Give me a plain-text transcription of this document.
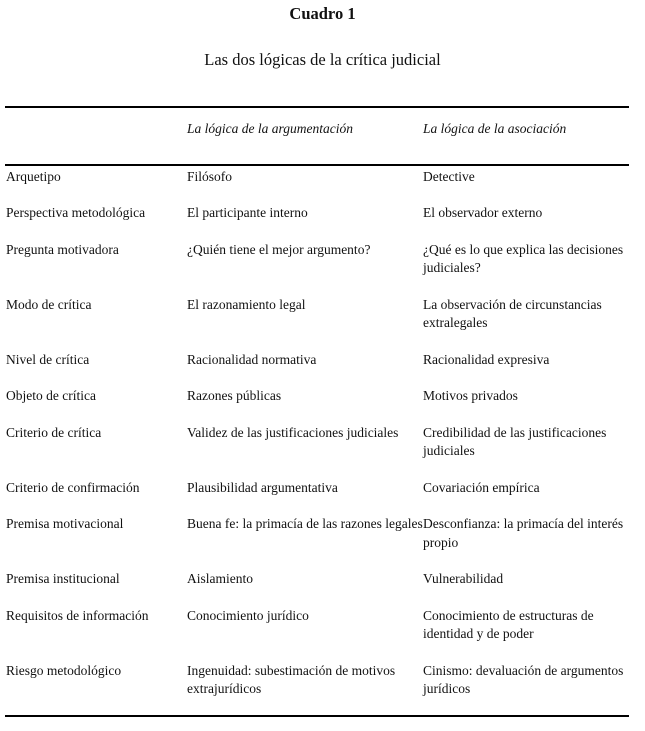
Cuadro 1
Las dos lógicas de la crítica judicial
	La lógica de la argumentación	La lógica de la asociación
Arquetipo	Filósofo	Detective
Perspectiva metodológica	El participante interno	El observador externo
Pregunta motivadora	¿Quién tiene el mejor argumento?	¿Qué es lo que explica las decisiones judiciales?
Modo de crítica	El razonamiento legal	La observación de circunstancias extralegales
Nivel de crítica	Racionalidad normativa	Racionalidad expresiva
Objeto de crítica	Razones públicas	Motivos privados
Criterio de crítica	Validez de las justificaciones judiciales	Credibilidad de las justificaciones judiciales
Criterio de confirmación	Plausibilidad argumentativa	Covariación empírica
Premisa motivacional	Buena fe: la primacía de las razones legales	Desconfianza: la primacía del interés propio
Premisa institucional	Aislamiento	Vulnerabilidad
Requisitos de información	Conocimiento jurídico	Conocimiento de estructuras de identidad y de poder
Riesgo metodológico	Ingenuidad: subestimación de motivos extrajurídicos	Cinismo: devaluación de argumentos jurídicos
